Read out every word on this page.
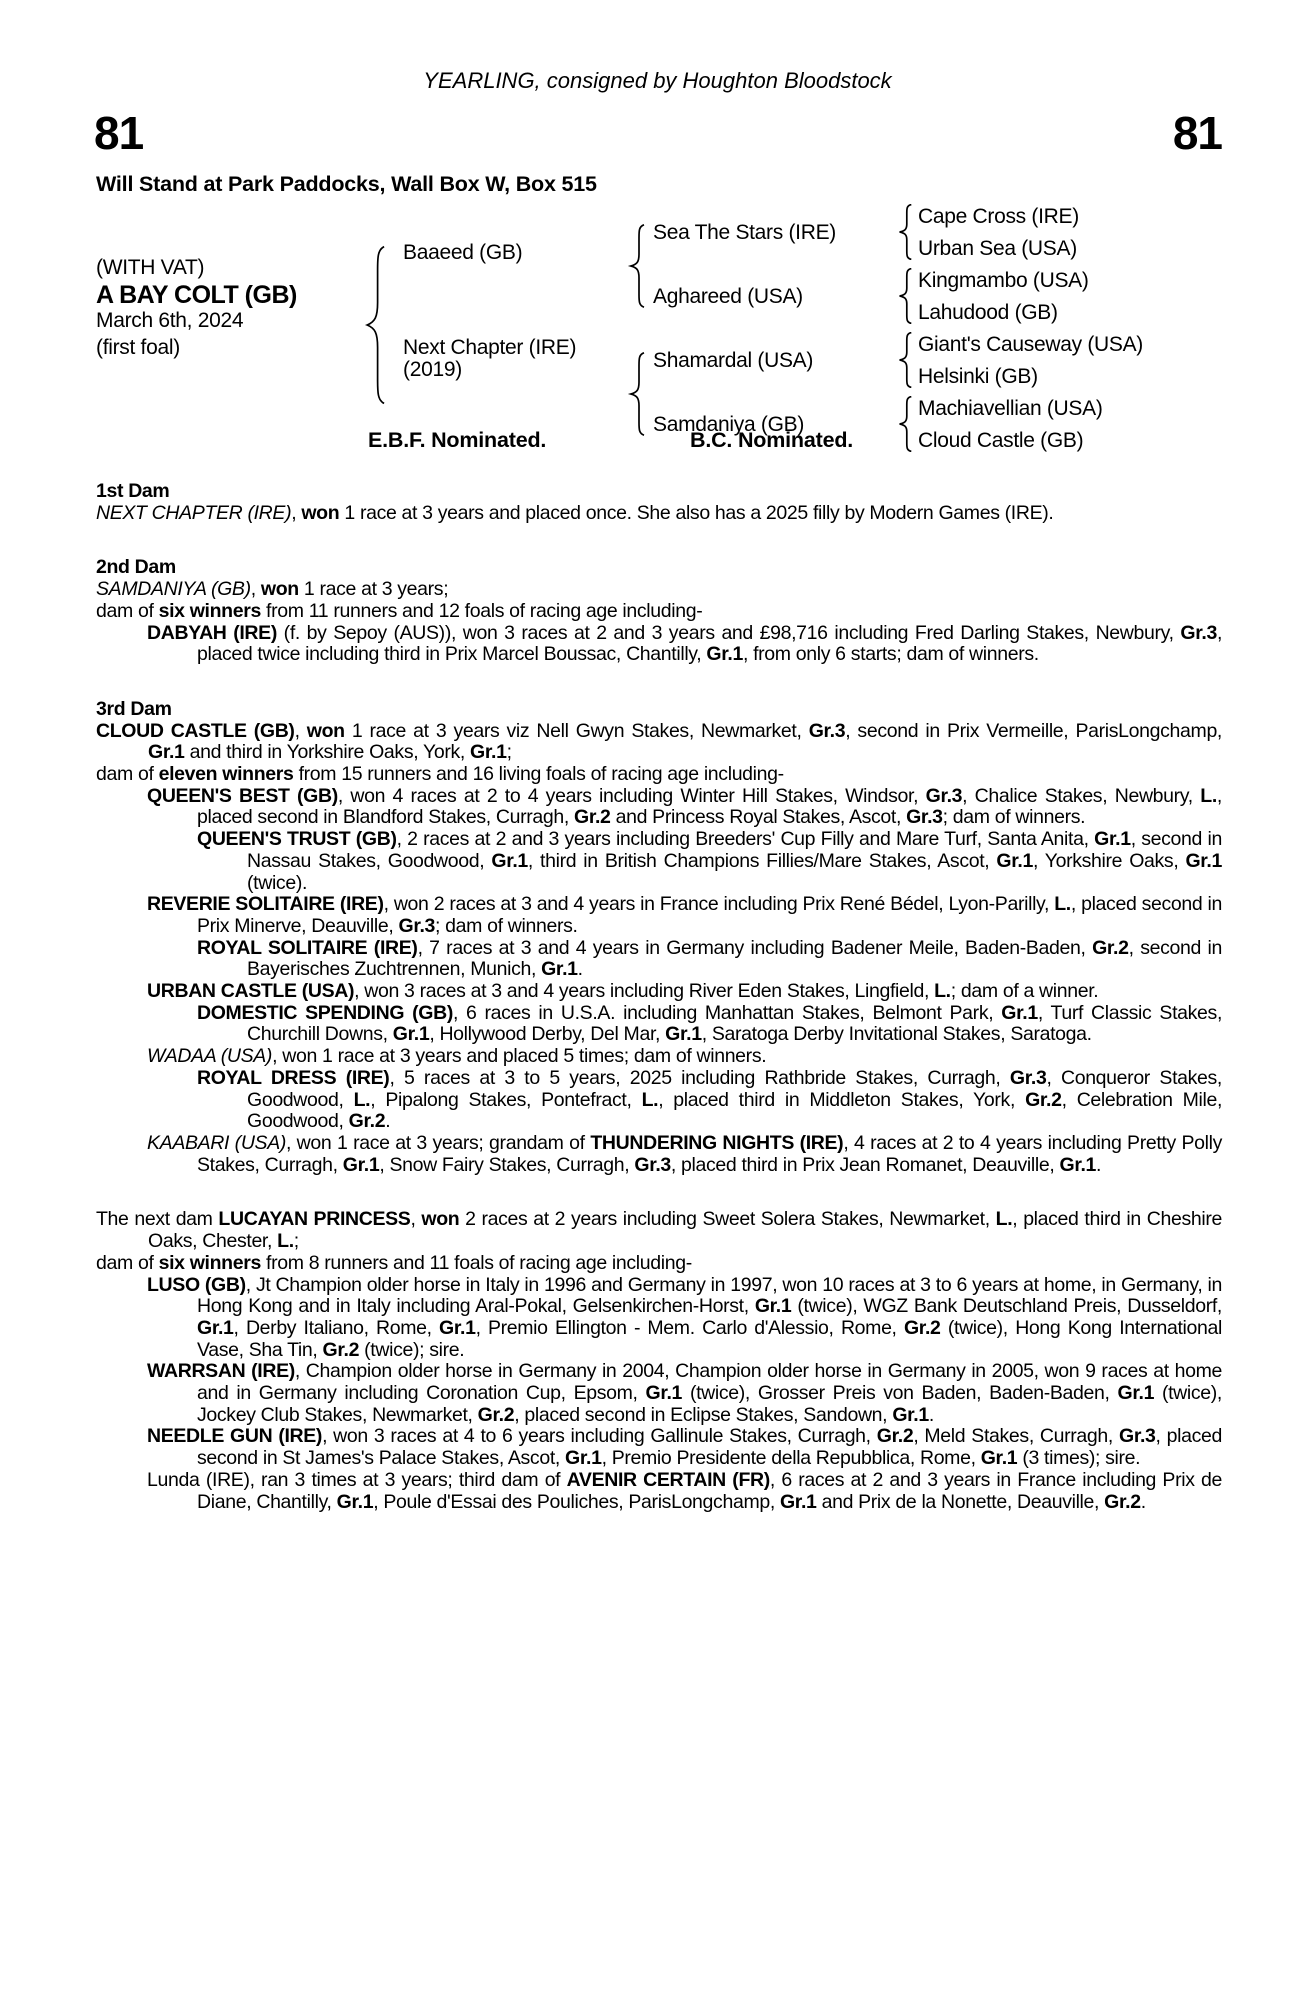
YEARLING, consigned by Houghton Bloodstock
81	81
Will Stand at Park Paddocks, Wall Box W, Box 515
(WITH VAT)
A BAY COLT (GB)
March 6th, 2024
(first foal)
Baaeed (GB)
Next Chapter (IRE)
(2019)
Sea The Stars (IRE)
Aghareed (USA)
Shamardal (USA)
Samdaniya (GB)
Cape Cross (IRE)
Urban Sea (USA)
Kingmambo (USA)
Lahudood (GB)
Giant's Causeway (USA)
Helsinki (GB)
Machiavellian (USA)
Cloud Castle (GB)
E.B.F. Nominated.	B.C. Nominated.
1st Dam

NEXT CHAPTER (IRE), won 1 race at 3 years and placed once. She also has a 2025 filly by Modern Games (IRE).

2nd Dam

SAMDANIYA (GB), won 1 race at 3 years;

dam of six winners from 11 runners and 12 foals of racing age including-

DABYAH (IRE) (f. by Sepoy (AUS)), won 3 races at 2 and 3 years and £98,716 including Fred Darling Stakes, Newbury, Gr.3, placed twice including third in Prix Marcel Boussac, Chantilly, Gr.1, from only 6 starts; dam of winners.

3rd Dam

CLOUD CASTLE (GB), won 1 race at 3 years viz Nell Gwyn Stakes, Newmarket, Gr.3, second in Prix Vermeille, ParisLongchamp, Gr.1 and third in Yorkshire Oaks, York, Gr.1;

dam of eleven winners from 15 runners and 16 living foals of racing age including-

QUEEN'S BEST (GB), won 4 races at 2 to 4 years including Winter Hill Stakes, Windsor, Gr.3, Chalice Stakes, Newbury, L., placed second in Blandford Stakes, Curragh, Gr.2 and Princess Royal Stakes, Ascot, Gr.3; dam of winners.

QUEEN'S TRUST (GB), 2 races at 2 and 3 years including Breeders' Cup Filly and Mare Turf, Santa Anita, Gr.1, second in Nassau Stakes, Goodwood, Gr.1, third in British Champions Fillies/Mare Stakes, Ascot, Gr.1, Yorkshire Oaks, Gr.1 (twice).

REVERIE SOLITAIRE (IRE), won 2 races at 3 and 4 years in France including Prix René Bédel, Lyon-Parilly, L., placed second in Prix Minerve, Deauville, Gr.3; dam of winners.

ROYAL SOLITAIRE (IRE), 7 races at 3 and 4 years in Germany including Badener Meile, Baden-Baden, Gr.2, second in Bayerisches Zuchtrennen, Munich, Gr.1.

URBAN CASTLE (USA), won 3 races at 3 and 4 years including River Eden Stakes, Lingfield, L.; dam of a winner.

DOMESTIC SPENDING (GB), 6 races in U.S.A. including Manhattan Stakes, Belmont Park, Gr.1, Turf Classic Stakes, Churchill Downs, Gr.1, Hollywood Derby, Del Mar, Gr.1, Saratoga Derby Invitational Stakes, Saratoga.

WADAA (USA), won 1 race at 3 years and placed 5 times; dam of winners.

ROYAL DRESS (IRE), 5 races at 3 to 5 years, 2025 including Rathbride Stakes, Curragh, Gr.3, Conqueror Stakes, Goodwood, L., Pipalong Stakes, Pontefract, L., placed third in Middleton Stakes, York, Gr.2, Celebration Mile, Goodwood, Gr.2.

KAABARI (USA), won 1 race at 3 years; grandam of THUNDERING NIGHTS (IRE), 4 races at 2 to 4 years including Pretty Polly Stakes, Curragh, Gr.1, Snow Fairy Stakes, Curragh, Gr.3, placed third in Prix Jean Romanet, Deauville, Gr.1.

The next dam LUCAYAN PRINCESS, won 2 races at 2 years including Sweet Solera Stakes, Newmarket, L., placed third in Cheshire Oaks, Chester, L.;

dam of six winners from 8 runners and 11 foals of racing age including-

LUSO (GB), Jt Champion older horse in Italy in 1996 and Germany in 1997, won 10 races at 3 to 6 years at home, in Germany, in Hong Kong and in Italy including Aral-Pokal, Gelsenkirchen-Horst, Gr.1 (twice), WGZ Bank Deutschland Preis, Dusseldorf, Gr.1, Derby Italiano, Rome, Gr.1, Premio Ellington - Mem. Carlo d'Alessio, Rome, Gr.2 (twice), Hong Kong International Vase, Sha Tin, Gr.2 (twice); sire.

WARRSAN (IRE), Champion older horse in Germany in 2004, Champion older horse in Germany in 2005, won 9 races at home and in Germany including Coronation Cup, Epsom, Gr.1 (twice), Grosser Preis von Baden, Baden-Baden, Gr.1 (twice), Jockey Club Stakes, Newmarket, Gr.2, placed second in Eclipse Stakes, Sandown, Gr.1.

NEEDLE GUN (IRE), won 3 races at 4 to 6 years including Gallinule Stakes, Curragh, Gr.2, Meld Stakes, Curragh, Gr.3, placed second in St James's Palace Stakes, Ascot, Gr.1, Premio Presidente della Repubblica, Rome, Gr.1 (3 times); sire.

Lunda (IRE), ran 3 times at 3 years; third dam of AVENIR CERTAIN (FR), 6 races at 2 and 3 years in France including Prix de Diane, Chantilly, Gr.1, Poule d'Essai des Pouliches, ParisLongchamp, Gr.1 and Prix de la Nonette, Deauville, Gr.2.
